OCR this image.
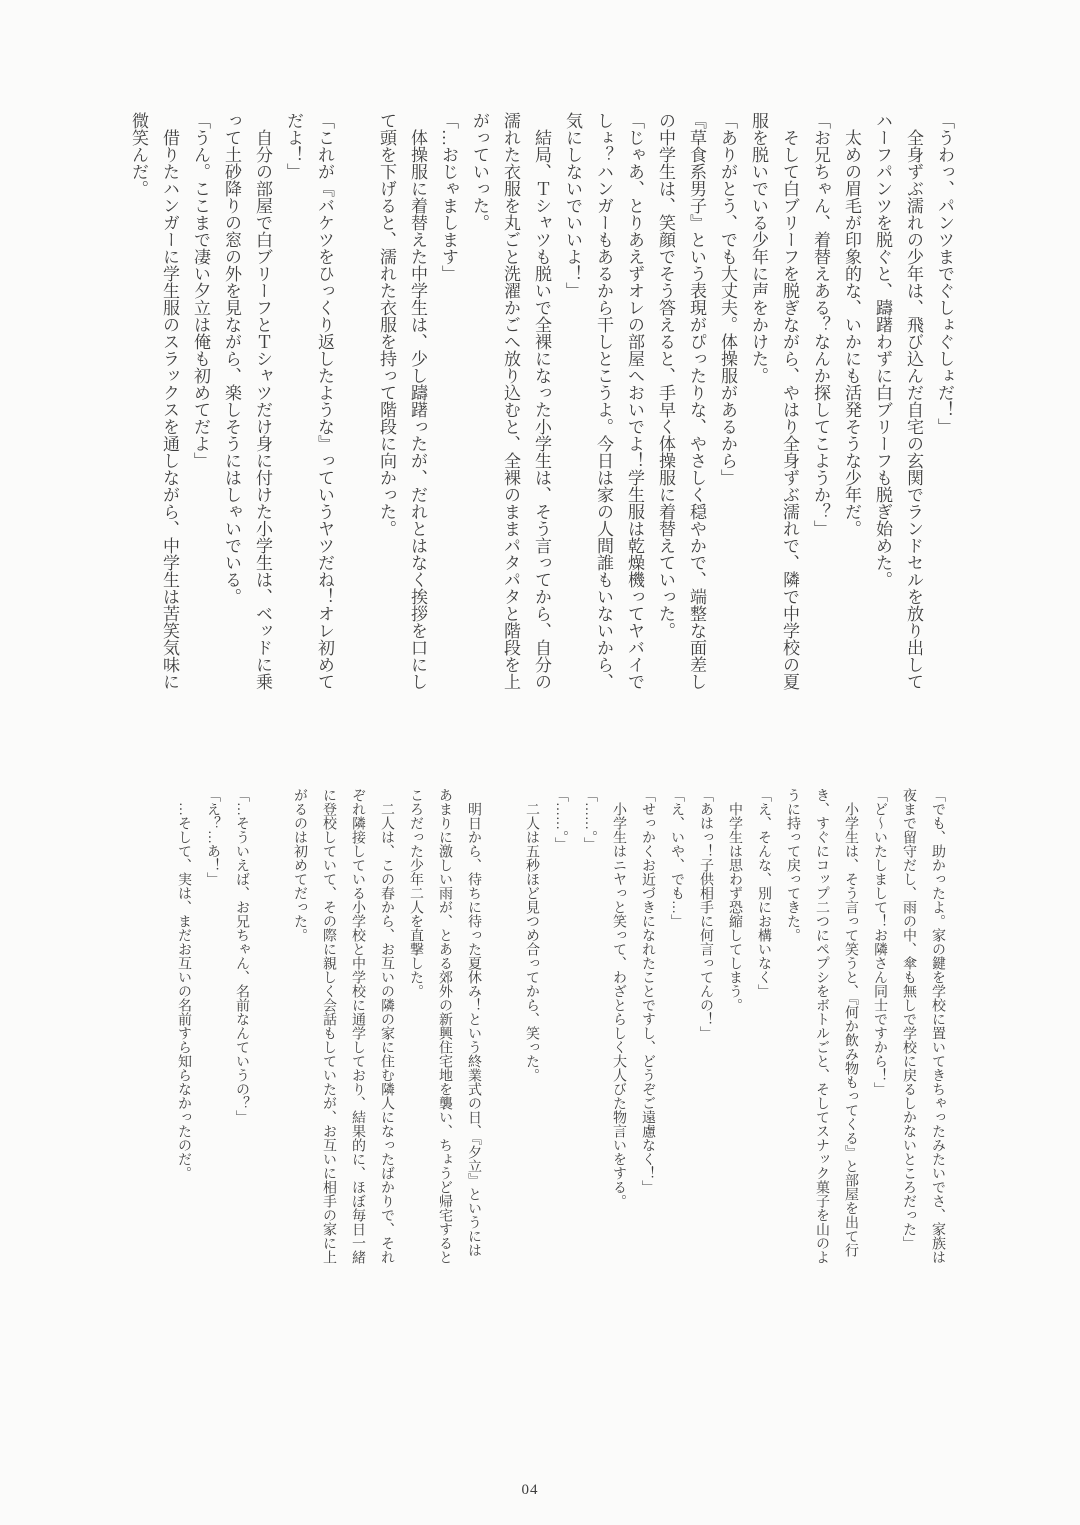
「うわっ、パンツまでぐしょぐしょだ！」

全身ずぶ濡れの少年は、飛び込んだ自宅の玄関でランドセルを放り出してハーフパンツを脱ぐと、躊躇わずに白ブリーフも脱ぎ始めた。

太めの眉毛が印象的な、いかにも活発そうな少年だ。

「お兄ちゃん、着替えある？なんか探してこようか？」

そして白ブリーフを脱ぎながら、やはり全身ずぶ濡れで、隣で中学校の夏服を脱いでいる少年に声をかけた。

「ありがとう、でも大丈夫。体操服があるから」

『草食系男子』という表現がぴったりな、やさしく穏やかで、端整な面差しの中学生は、笑顔でそう答えると、手早く体操服に着替えていった。

「じゃあ、とりあえずオレの部屋へおいでよ！学生服は乾燥機ってヤバイでしょ？ハンガーもあるから干しとこうよ。今日は家の人間誰もいないから、気にしないでいいよ！」

結局、Ｔシャツも脱いで全裸になった小学生は、そう言ってから、自分の濡れた衣服を丸ごと洗濯かごへ放り込むと、全裸のままパタパタと階段を上がっていった。

「…おじゃまします」

体操服に着替えた中学生は、少し躊躇ったが、だれとはなく挨拶を口にして頭を下げると、濡れた衣服を持って階段に向かった。

「これが『バケツをひっくり返したような』っていうヤツだね！オレ初めてだよ！」

自分の部屋で白ブリーフとＴシャツだけ身に付けた小学生は、ベッドに乗って土砂降りの窓の外を見ながら、楽しそうにはしゃいでいる。

「うん。ここまで凄い夕立は俺も初めてだよ」

借りたハンガーに学生服のスラックスを通しながら、中学生は苦笑気味に微笑んだ。

「でも、助かったよ。家の鍵を学校に置いてきちゃったみたいでさ、家族は夜まで留守だし、雨の中、傘も無しで学校に戻るしかないところだった」

「ど〜いたしまして！お隣さん同士ですから！」

小学生は、そう言って笑うと、『何か飲み物もってくる』と部屋を出て行き、すぐにコップ二つにペプシをボトルごと、そしてスナック菓子を山のように持って戻ってきた。

「え、そんな、別にお構いなく」

中学生は思わず恐縮してしまう。

「あはっ！子供相手に何言ってんの！」

「え、いや、でも…」

「せっかくお近づきになれたことですし、どうぞご遠慮なく！」

小学生はニヤっと笑って、わざとらしく大人びた物言いをする。

「……。」

「……。」

二人は五秒ほど見つめ合ってから、笑った。

明日から、待ちに待った夏休み！という終業式の日、『夕立』というにはあまりに激しい雨が、とある郊外の新興住宅地を襲い、ちょうど帰宅するところだった少年二人を直撃した。

二人は、この春から、お互いの隣の家に住む隣人になったばかりで、それぞれ隣接している小学校と中学校に通学しており、結果的に、ほぼ毎日一緒に登校していて、その際に親しく会話もしていたが、お互いに相手の家に上がるのは初めてだった。

「…そういえば、お兄ちゃん、名前なんていうの？」

「え？…あ！」

…そして、実は、まだお互いの名前すら知らなかったのだ。

04
